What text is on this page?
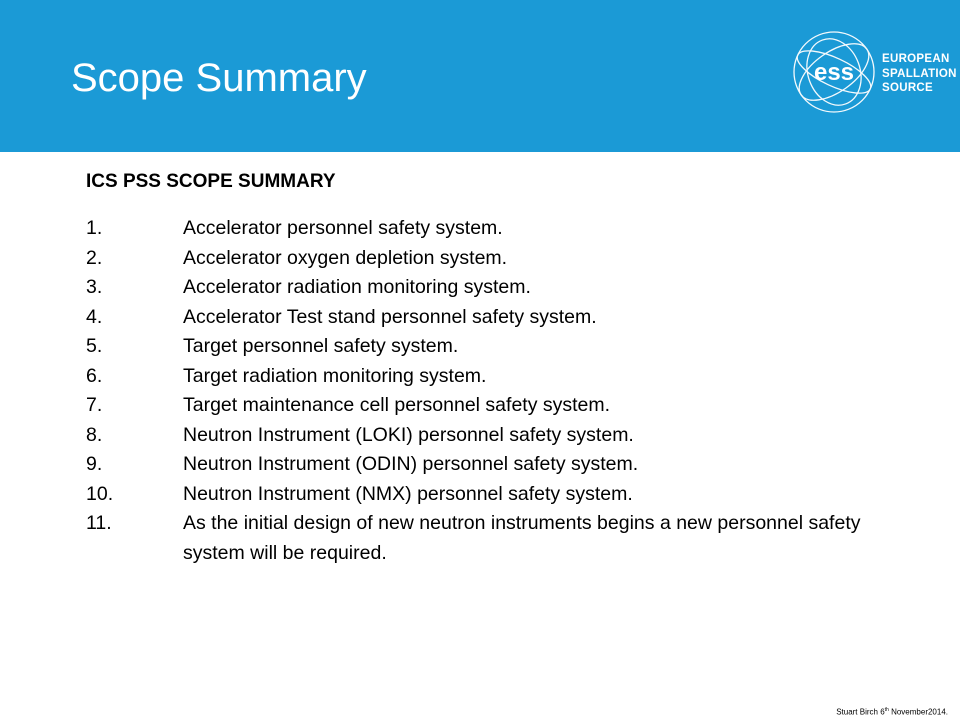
Scope Summary	ess EUROPEAN
SPALLATION
SOURCE

ICS PSS SCOPE SUMMARY

1.	Accelerator personnel safety system.
2.	Accelerator oxygen depletion system.
3.	Accelerator radiation monitoring system.
4.	Accelerator Test stand personnel safety system.
5.	Target personnel safety system.
6.	Target radiation monitoring system.
7.	Target maintenance cell personnel safety system.
8.	Neutron Instrument (LOKI) personnel safety system.
9.	Neutron Instrument (ODIN) personnel safety system.
10.	Neutron Instrument (NMX) personnel safety system.
11.	As the initial design of new neutron instruments begins a new personnel safety system will be required.
Stuart Birch 6th November2014.
